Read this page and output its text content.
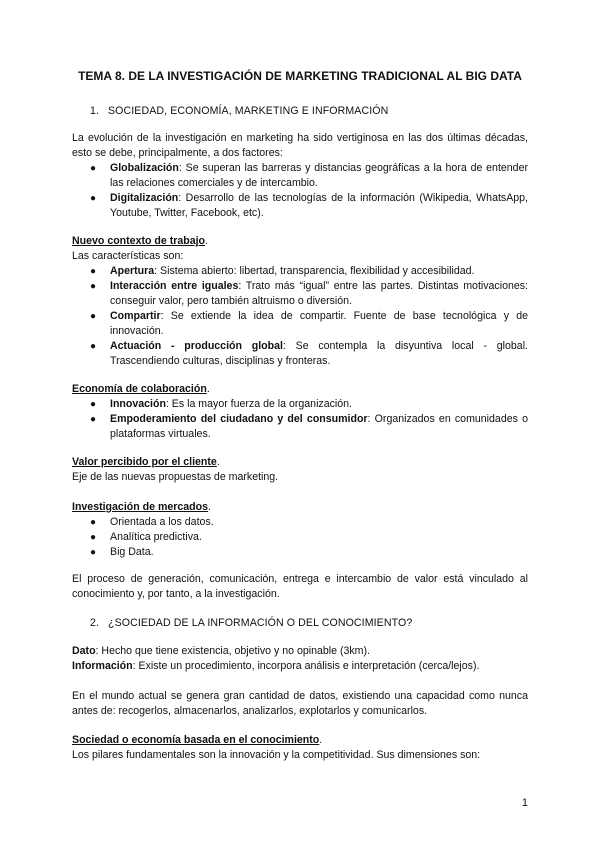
TEMA 8. DE LA INVESTIGACIÓN DE MARKETING TRADICIONAL AL BIG DATA
1. SOCIEDAD, ECONOMÍA, MARKETING E INFORMACIÓN
La evolución de la investigación en marketing ha sido vertiginosa en las dos últimas décadas, esto se debe, principalmente, a dos factores:
● Globalización: Se superan las barreras y distancias geográficas a la hora de entender las relaciones comerciales y de intercambio.
● Digitalización: Desarrollo de las tecnologías de la información (Wikipedia, WhatsApp, Youtube, Twitter, Facebook, etc).
Nuevo contexto de trabajo.
Las características son:
● Apertura: Sistema abierto: libertad, transparencia, flexibilidad y accesibilidad.
● Interacción entre iguales: Trato más “igual” entre las partes. Distintas motivaciones: conseguir valor, pero también altruismo o diversión.
● Compartir: Se extiende la idea de compartir. Fuente de base tecnológica y de innovación.
● Actuación - producción global: Se contempla la disyuntiva local - global. Trascendiendo culturas, disciplinas y fronteras.
Economía de colaboración.
● Innovación: Es la mayor fuerza de la organización.
● Empoderamiento del ciudadano y del consumidor: Organizados en comunidades o plataformas virtuales.
Valor percibido por el cliente.
Eje de las nuevas propuestas de marketing.
Investigación de mercados.
● Orientada a los datos.
● Analítica predictiva.
● Big Data.
El proceso de generación, comunicación, entrega e intercambio de valor está vinculado al conocimiento y, por tanto, a la investigación.
2. ¿SOCIEDAD DE LA INFORMACIÓN O DEL CONOCIMIENTO?
Dato: Hecho que tiene existencia, objetivo y no opinable (3km).
Información: Existe un procedimiento, incorpora análisis e interpretación (cerca/lejos).
En el mundo actual se genera gran cantidad de datos, existiendo una capacidad como nunca antes de: recogerlos, almacenarlos, analizarlos, explotarlos y comunicarlos.
Sociedad o economía basada en el conocimiento.
Los pilares fundamentales son la innovación y la competitividad. Sus dimensiones son:
1
